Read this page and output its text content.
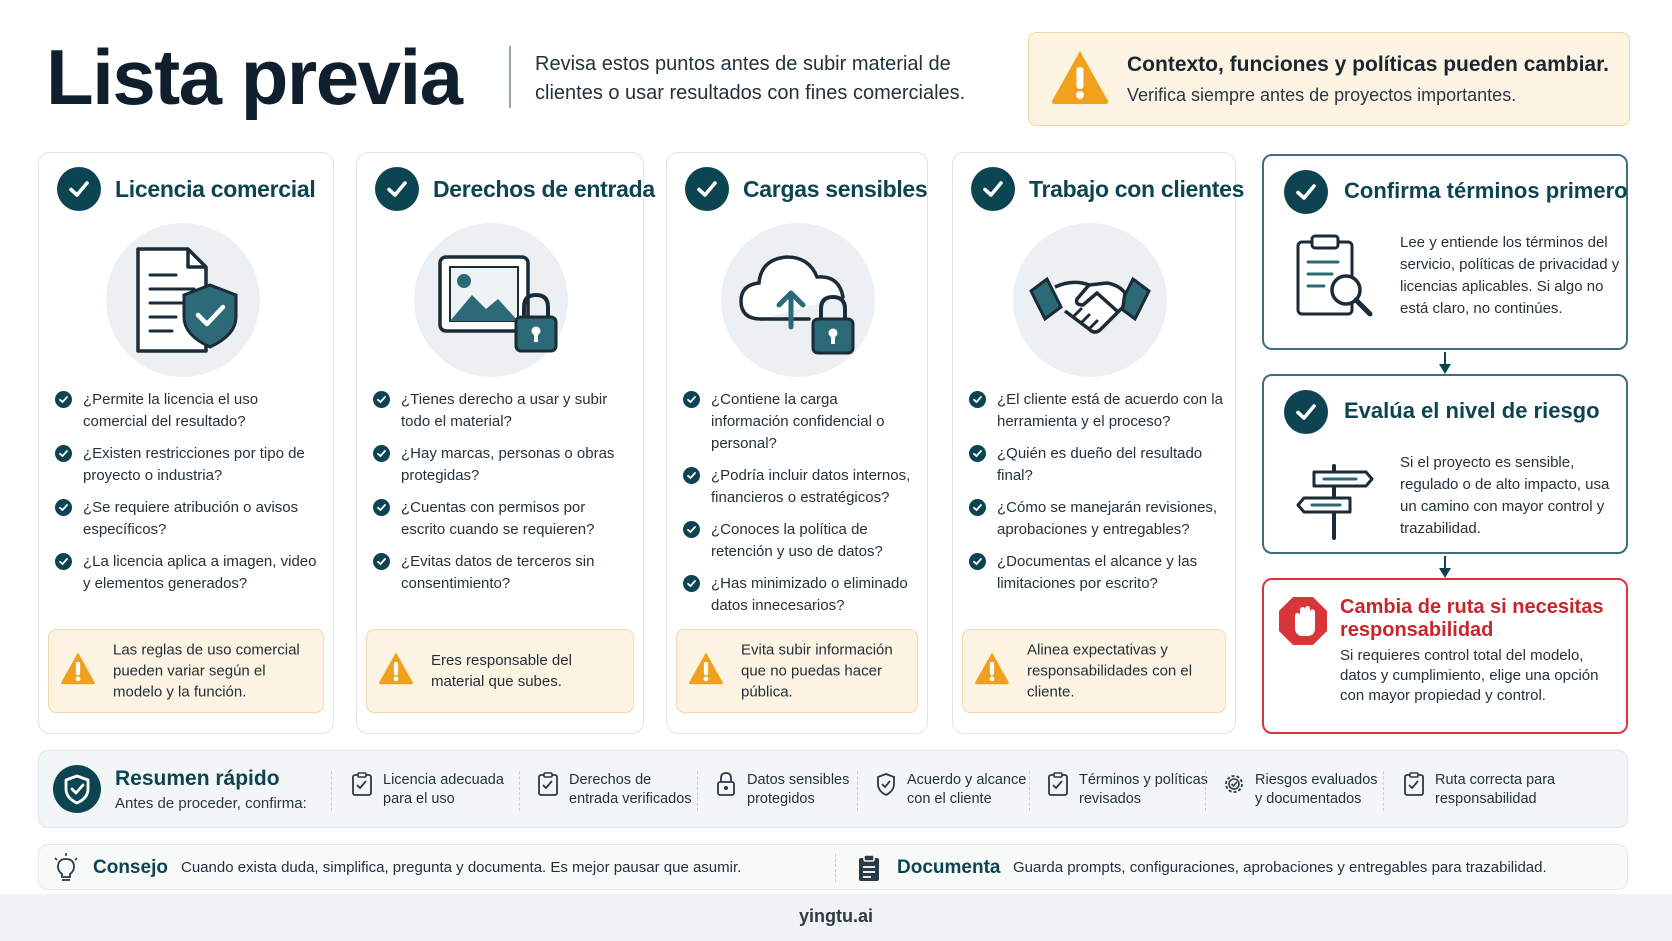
Lista previa	Revisa estos puntos antes de subir material de clientes o usar resultados con fines comerciales.
Contexto, funciones y políticas pueden cambiar.
Verifica siempre antes de proyectos importantes.
Licencia comercial
¿Permite la licencia el uso comercial del resultado?
¿Existen restricciones por tipo de proyecto o industria?
¿Se requiere atribución o avisos específicos?
¿La licencia aplica a imagen, video y elementos generados?
Las reglas de uso comercial pueden variar según el modelo y la función.
Derechos de entrada
¿Tienes derecho a usar y subir todo el material?
¿Hay marcas, personas o obras protegidas?
¿Cuentas con permisos por escrito cuando se requieren?
¿Evitas datos de terceros sin consentimiento?
Eres responsable del material que subes.
Cargas sensibles
¿Contiene la carga información confidencial o personal?
¿Podría incluir datos internos, financieros o estratégicos?
¿Conoces la política de retención y uso de datos?
¿Has minimizado o eliminado datos innecesarios?
Evita subir información que no puedas hacer pública.
Trabajo con clientes
¿El cliente está de acuerdo con la herramienta y el proceso?
¿Quién es dueño del resultado final?
¿Cómo se manejarán revisiones, aprobaciones y entregables?
¿Documentas el alcance y las limitaciones por escrito?
Alinea expectativas y responsabilidades con el cliente.
Confirma términos primero
Lee y entiende los términos del servicio, políticas de privacidad y licencias aplicables. Si algo no está claro, no continúes.
Evalúa el nivel de riesgo
Si el proyecto es sensible, regulado o de alto impacto, usa un camino con mayor control y trazabilidad.
Cambia de ruta si necesitas responsabilidad
Si requieres control total del modelo, datos y cumplimiento, elige una opción con mayor propiedad y control.
Resumen rápido
Antes de proceder, confirma:
Licencia adecuada para el uso
Derechos de entrada verificados
Datos sensibles protegidos
Acuerdo y alcance con el cliente
Términos y políticas revisados
Riesgos evaluados y documentados
Ruta correcta para responsabilidad
Consejo Cuando exista duda, simplifica, pregunta y documenta. Es mejor pausar que asumir.	Documenta Guarda prompts, configuraciones, aprobaciones y entregables para trazabilidad.
yingtu.ai
